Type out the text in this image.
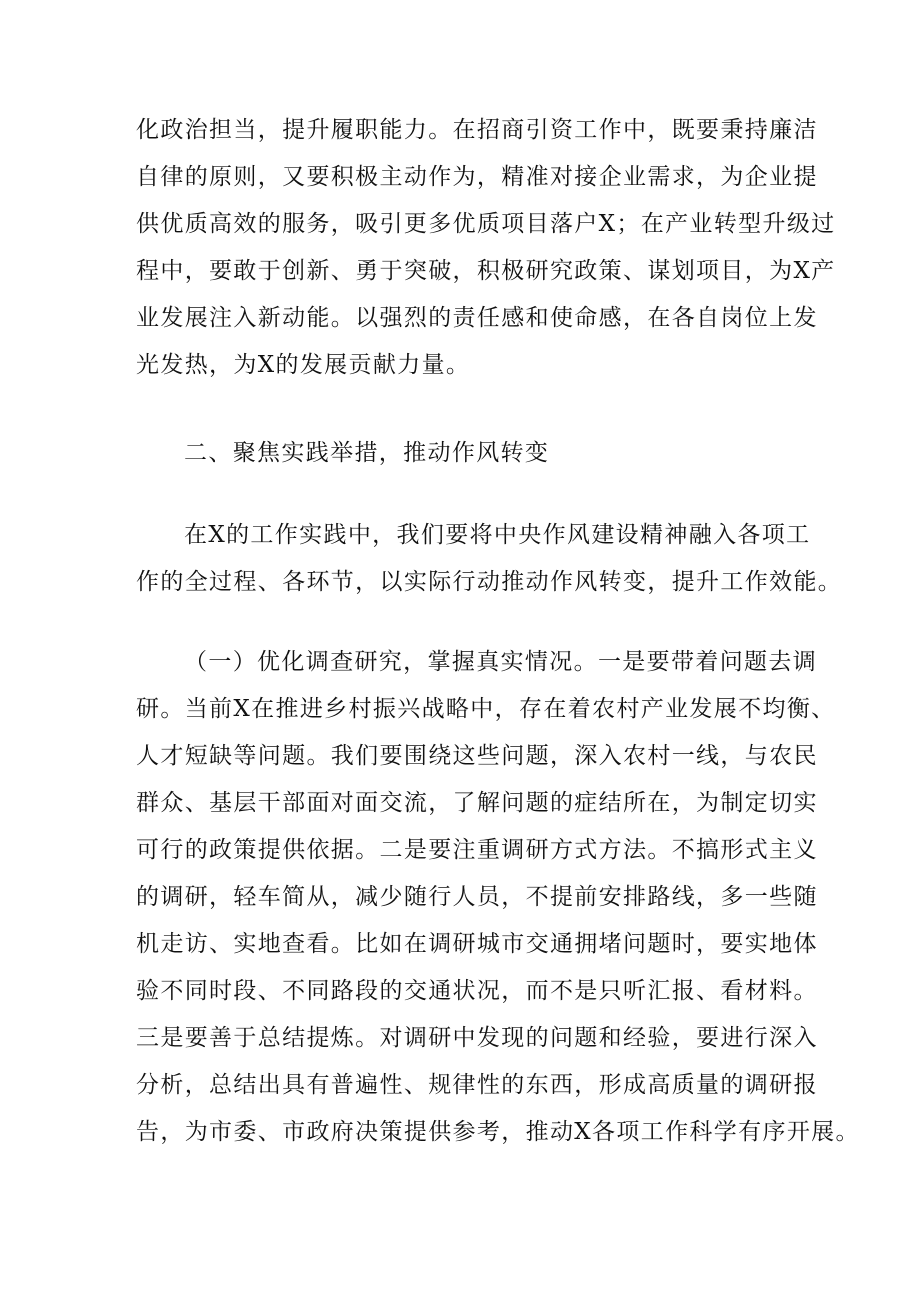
化政治担当，提升履职能力。在招商引资工作中，既要秉持廉洁
自律的原则，又要积极主动作为，精准对接企业需求，为企业提
供优质高效的服务，吸引更多优质项目落户X；在产业转型升级过
程中，要敢于创新、勇于突破，积极研究政策、谋划项目，为X产
业发展注入新动能。以强烈的责任感和使命感，在各自岗位上发
光发热，为X的发展贡献力量。
二、聚焦实践举措，推动作风转变
在X的工作实践中，我们要将中央作风建设精神融入各项工
作的全过程、各环节，以实际行动推动作风转变，提升工作效能。
（一）优化调查研究，掌握真实情况。一是要带着问题去调
研。当前X在推进乡村振兴战略中，存在着农村产业发展不均衡、
人才短缺等问题。我们要围绕这些问题，深入农村一线，与农民
群众、基层干部面对面交流，了解问题的症结所在，为制定切实
可行的政策提供依据。二是要注重调研方式方法。不搞形式主义
的调研，轻车简从，减少随行人员，不提前安排路线，多一些随
机走访、实地查看。比如在调研城市交通拥堵问题时，要实地体
验不同时段、不同路段的交通状况，而不是只听汇报、看材料。
三是要善于总结提炼。对调研中发现的问题和经验，要进行深入
分析，总结出具有普遍性、规律性的东西，形成高质量的调研报
告，为市委、市政府决策提供参考，推动X各项工作科学有序开展。
